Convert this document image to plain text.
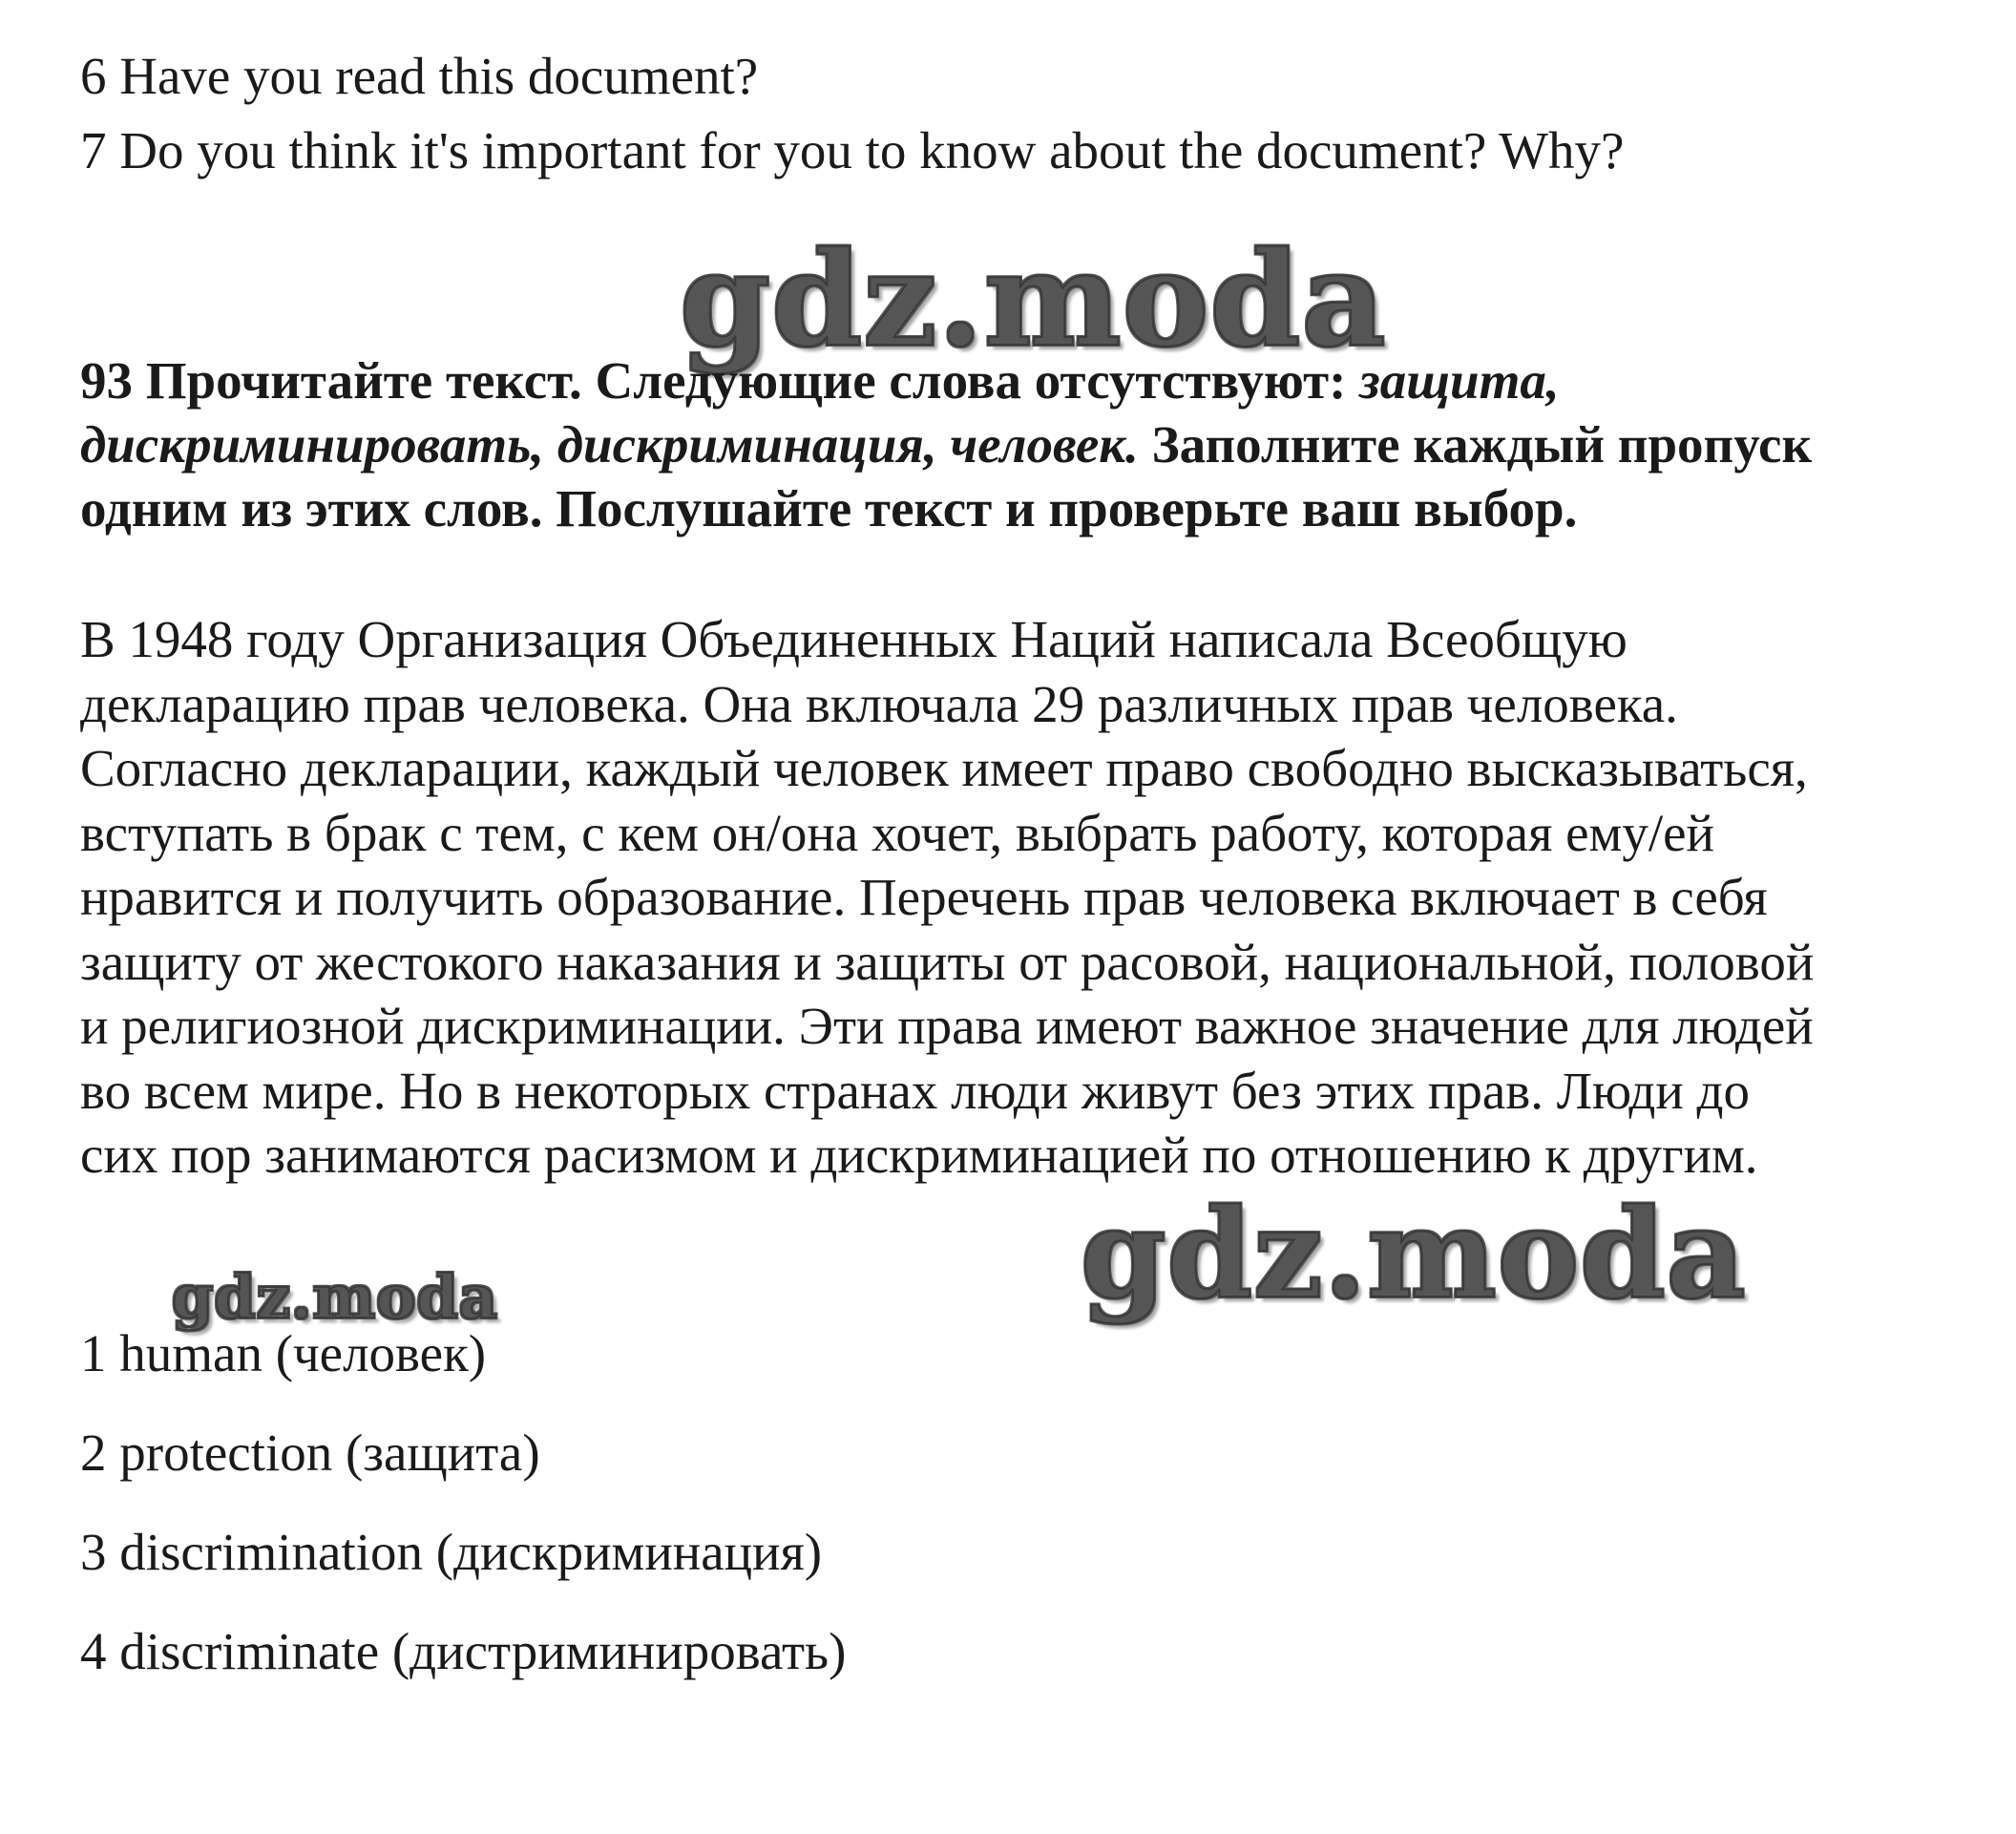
6 Have you read this document?

7 Do you think it's important for you to know about the document? Why?

gdz.moda

93 Прочитайте текст. Следующие слова отсутствуют: защита, дискриминировать, дискриминация, человек. Заполните каждый пропуск одним из этих слов. Послушайте текст и проверьте ваш выбор.

В 1948 году Организация Объединенных Наций написала Всеобщую
декларацию прав человека. Она включала 29 различных прав человека.
Согласно декларации, каждый человек имеет право свободно высказываться,
вступать в брак с тем, с кем он/она хочет, выбрать работу, которая ему/ей
нравится и получить образование. Перечень прав человека включает в себя
защиту от жестокого наказания и защиты от расовой, национальной, половой
и религиозной дискриминации. Эти права имеют важное значение для людей
во всем мире. Но в некоторых странах люди живут без этих прав. Люди до
сих пор занимаются расизмом и дискриминацией по отношению к другим.
gdz.moda
gdz.moda

1 human (человек)

2 protection (защита)

3 discrimination (дискриминация)

4 discriminate (дистриминировать)
